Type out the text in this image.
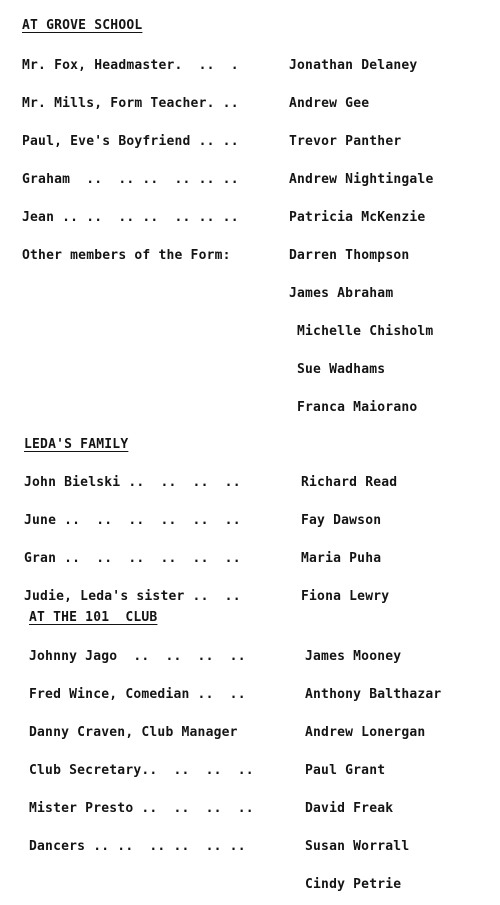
AT GROVE SCHOOL
Mr. Fox, Headmaster.  ..  .	Jonathan Delaney
Mr. Mills, Form Teacher. ..	Andrew Gee
Paul, Eve's Boyfriend .. ..	Trevor Panther
Graham  ..  .. ..  .. .. ..	Andrew Nightingale
Jean .. ..  .. ..  .. .. ..	Patricia McKenzie
Other members of the Form:	Darren Thompson
James Abraham
Michelle Chisholm
Sue Wadhams
Franca Maiorano
LEDA'S FAMILY
John Bielski ..  ..  ..  ..	Richard Read
June ..  ..  ..  ..  ..  ..	Fay Dawson
Gran ..  ..  ..  ..  ..  ..	Maria Puha
Judie, Leda's sister ..  ..	Fiona Lewry
AT THE 101  CLUB
Johnny Jago  ..  ..  ..  ..	James Mooney
Fred Wince, Comedian ..  ..	Anthony Balthazar
Danny Craven, Club Manager	Andrew Lonergan
Club Secretary..  ..  ..  ..	Paul Grant
Mister Presto ..  ..  ..  ..	David Freak
Dancers .. ..  .. ..  .. ..	Susan Worrall
Cindy Petrie
